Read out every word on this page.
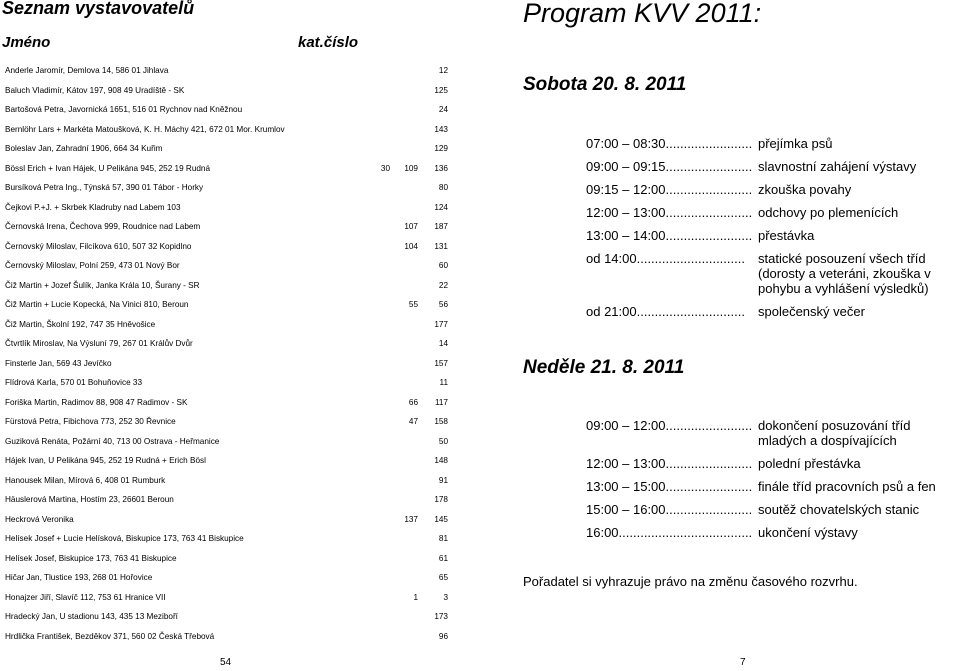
Seznam vystavovatelů
Jméno	kat.číslo
Anderle Jaromír, Demlova 14, 586 01 Jihlava	12
Baluch Vladimír, Kátov 197, 908 49 Uradíště - SK	125
Bartošová Petra, Javornická 1651, 516 01 Rychnov nad Kněžnou	24
Bernlöhr Lars + Markéta Matoušková, K. H. Máchy 421, 672 01 Mor. Krumlov	143
Boleslav Jan, Zahradní 1906, 664 34 Kuřim	129
Bössl Erich + Ivan Hájek, U Pelikána 945, 252 19 Rudná	30 109 136
Bursíková Petra Ing., Týnská 57, 390 01 Tábor - Horky	80
Čejkovi P.+J. + Skrbek Kladruby nad Labem 103	124
Černovská Irena, Čechova 999, Roudnice nad Labem	107 187
Černovský Miloslav, Filcíkova 610, 507 32 Kopidlno	104 131
Černovský Miloslav, Polní 259, 473 01 Nový Bor	60
Čiž Martin + Jozef Šulík, Janka Krála 10, Šurany - SR	22
Čiž Martin + Lucie Kopecká, Na Vinici 810, Beroun	55	56
Čiž Martin, Školní 192, 747 35 Hněvošice	177
Čtvrtlík Miroslav, Na Výsluní 79, 267 01 Králův Dvůr	14
Finsterle Jan, 569 43 Jevíčko	157
Flídrová Karla, 570 01 Bohuňovice 33	11
Foriška Martin, Radimov 88, 908 47 Radimov - SK	66 117
Fürstová Petra, Fibichova 773, 252 30 Řevnice	47 158
Guziková Renáta, Požární 40, 713 00 Ostrava - Heřmanice	50
Hájek Ivan, U Pelikána 945, 252 19 Rudná + Erich Bösl	148
Hanousek Milan, Mírová 6, 408 01 Rumburk	91
Häuslerová Martina, Hostím 23, 26601 Beroun	178
Heckrová Veronika	137 145
Helísek Josef + Lucie Helísková, Biskupice 173, 763 41 Biskupice	81
Helísek Josef, Biskupice 173, 763 41 Biskupice	61
Hičar Jan, Tlustice 193, 268 01 Hořovice	65
Honajzer Jiří, Slavíč 112, 753 61 Hranice VII	1	3
Hradecký Jan, U stadionu 143, 435 13 Meziboří	173
Hrdlička František, Bezděkov 371, 560 02 Česká Třebová	96
54
Program KVV 2011:
Sobota 20. 8. 2011
07:00 – 08:30........................ přejímka psů
09:00 – 09:15........................ slavnostní zahájení výstavy
09:15 – 12:00........................ zkouška povahy
12:00 – 13:00........................ odchovy po plemenících
13:00 – 14:00........................ přestávka
od 14:00..............................	statické posouzení všech tříd (dorosty a veteráni, zkouška v pohybu a vyhlášení výsledků)
od 21:00..............................	společenský večer
Neděle 21. 8. 2011
09:00 – 12:00........................ dokončení posuzování tříd mladých a dospívajících
12:00 – 13:00........................ polední přestávka
13:00 – 15:00........................ finále tříd pracovních psů a fen
15:00 – 16:00........................ soutěž chovatelských stanic
16:00..................................... ukončení výstavy
Pořadatel si vyhrazuje právo na změnu časového rozvrhu.
7
